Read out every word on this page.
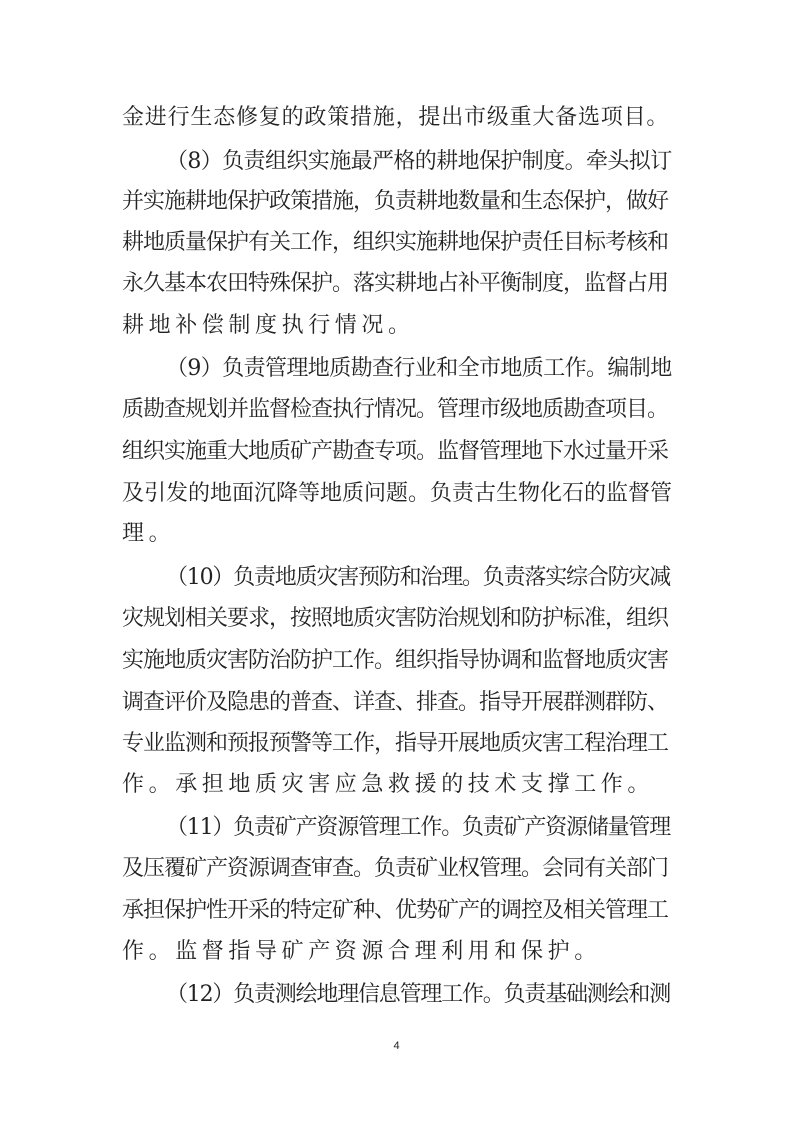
金进行生态修复的政策措施，提出市级重大备选项目。
（8）负责组织实施最严格的耕地保护制度。牵头拟订
并实施耕地保护政策措施，负责耕地数量和生态保护，做好
耕地质量保护有关工作，组织实施耕地保护责任目标考核和
永久基本农田特殊保护。落实耕地占补平衡制度，监督占用
耕地补偿制度执行情况。
（9）负责管理地质勘查行业和全市地质工作。编制地
质勘查规划并监督检查执行情况。管理市级地质勘查项目。
组织实施重大地质矿产勘查专项。监督管理地下水过量开采
及引发的地面沉降等地质问题。负责古生物化石的监督管
理。
（10）负责地质灾害预防和治理。负责落实综合防灾减
灾规划相关要求，按照地质灾害防治规划和防护标准，组织
实施地质灾害防治防护工作。组织指导协调和监督地质灾害
调查评价及隐患的普查、详查、排查。指导开展群测群防、
专业监测和预报预警等工作，指导开展地质灾害工程治理工
作。承担地质灾害应急救援的技术支撑工作。
（11）负责矿产资源管理工作。负责矿产资源储量管理
及压覆矿产资源调查审查。负责矿业权管理。会同有关部门
承担保护性开采的特定矿种、优势矿产的调控及相关管理工
作。监督指导矿产资源合理利用和保护。
（12）负责测绘地理信息管理工作。负责基础测绘和测
4
